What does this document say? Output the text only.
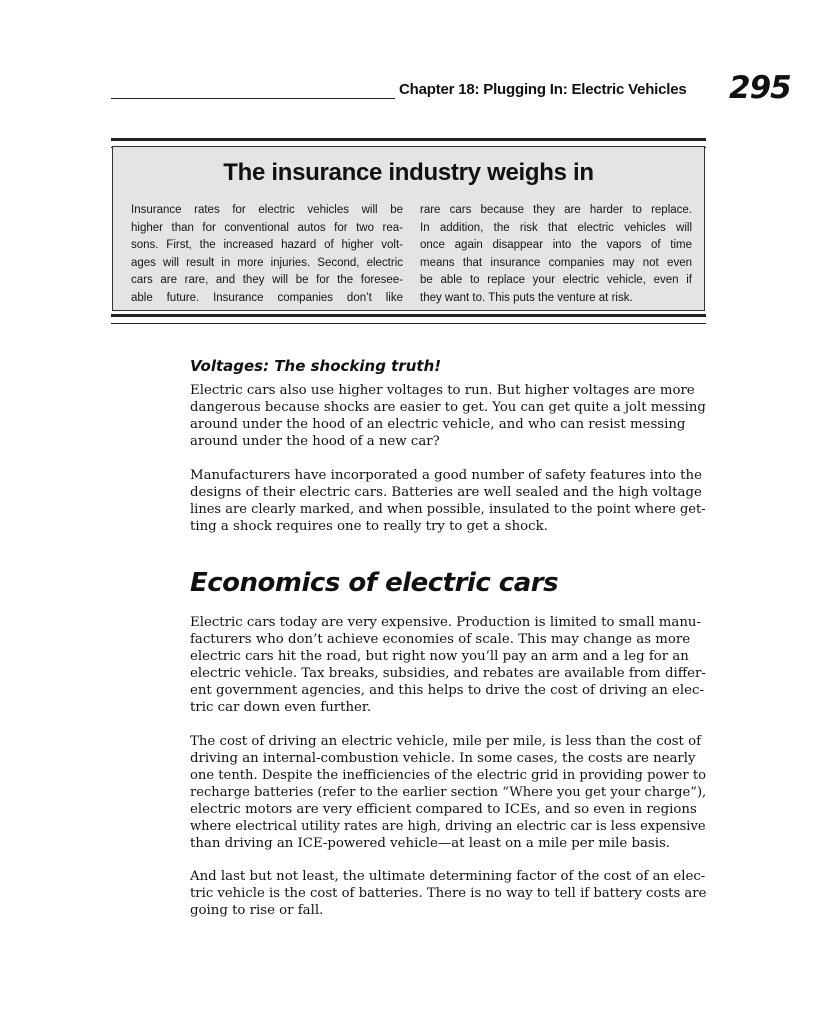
Chapter 18: Plugging In: Electric Vehicles 295
The insurance industry weighs in
Insurance rates for electric vehicles will be
higher than for conventional autos for two rea-
sons. First, the increased hazard of higher volt-
ages will result in more injuries. Second, electric
cars are rare, and they will be for the foresee-
able future. Insurance companies don’t like
rare cars because they are harder to replace.
In addition, the risk that electric vehicles will
once again disappear into the vapors of time
means that insurance companies may not even
be able to replace your electric vehicle, even if
they want to. This puts the venture at risk.
Voltages: The shocking truth!
Electric cars also use higher voltages to run. But higher voltages are more
dangerous because shocks are easier to get. You can get quite a jolt messing
around under the hood of an electric vehicle, and who can resist messing
around under the hood of a new car?
Manufacturers have incorporated a good number of safety features into the
designs of their electric cars. Batteries are well sealed and the high voltage
lines are clearly marked, and when possible, insulated to the point where get-
ting a shock requires one to really try to get a shock.
Economics of electric cars
Electric cars today are very expensive. Production is limited to small manu-
facturers who don’t achieve economies of scale. This may change as more
electric cars hit the road, but right now you’ll pay an arm and a leg for an
electric vehicle. Tax breaks, subsidies, and rebates are available from differ-
ent government agencies, and this helps to drive the cost of driving an elec-
tric car down even further.
The cost of driving an electric vehicle, mile per mile, is less than the cost of
driving an internal-combustion vehicle. In some cases, the costs are nearly
one tenth. Despite the inefficiencies of the electric grid in providing power to
recharge batteries (refer to the earlier section “Where you get your charge”),
electric motors are very efficient compared to ICEs, and so even in regions
where electrical utility rates are high, driving an electric car is less expensive
than driving an ICE-powered vehicle—at least on a mile per mile basis.
And last but not least, the ultimate determining factor of the cost of an elec-
tric vehicle is the cost of batteries. There is no way to tell if battery costs are
going to rise or fall.
